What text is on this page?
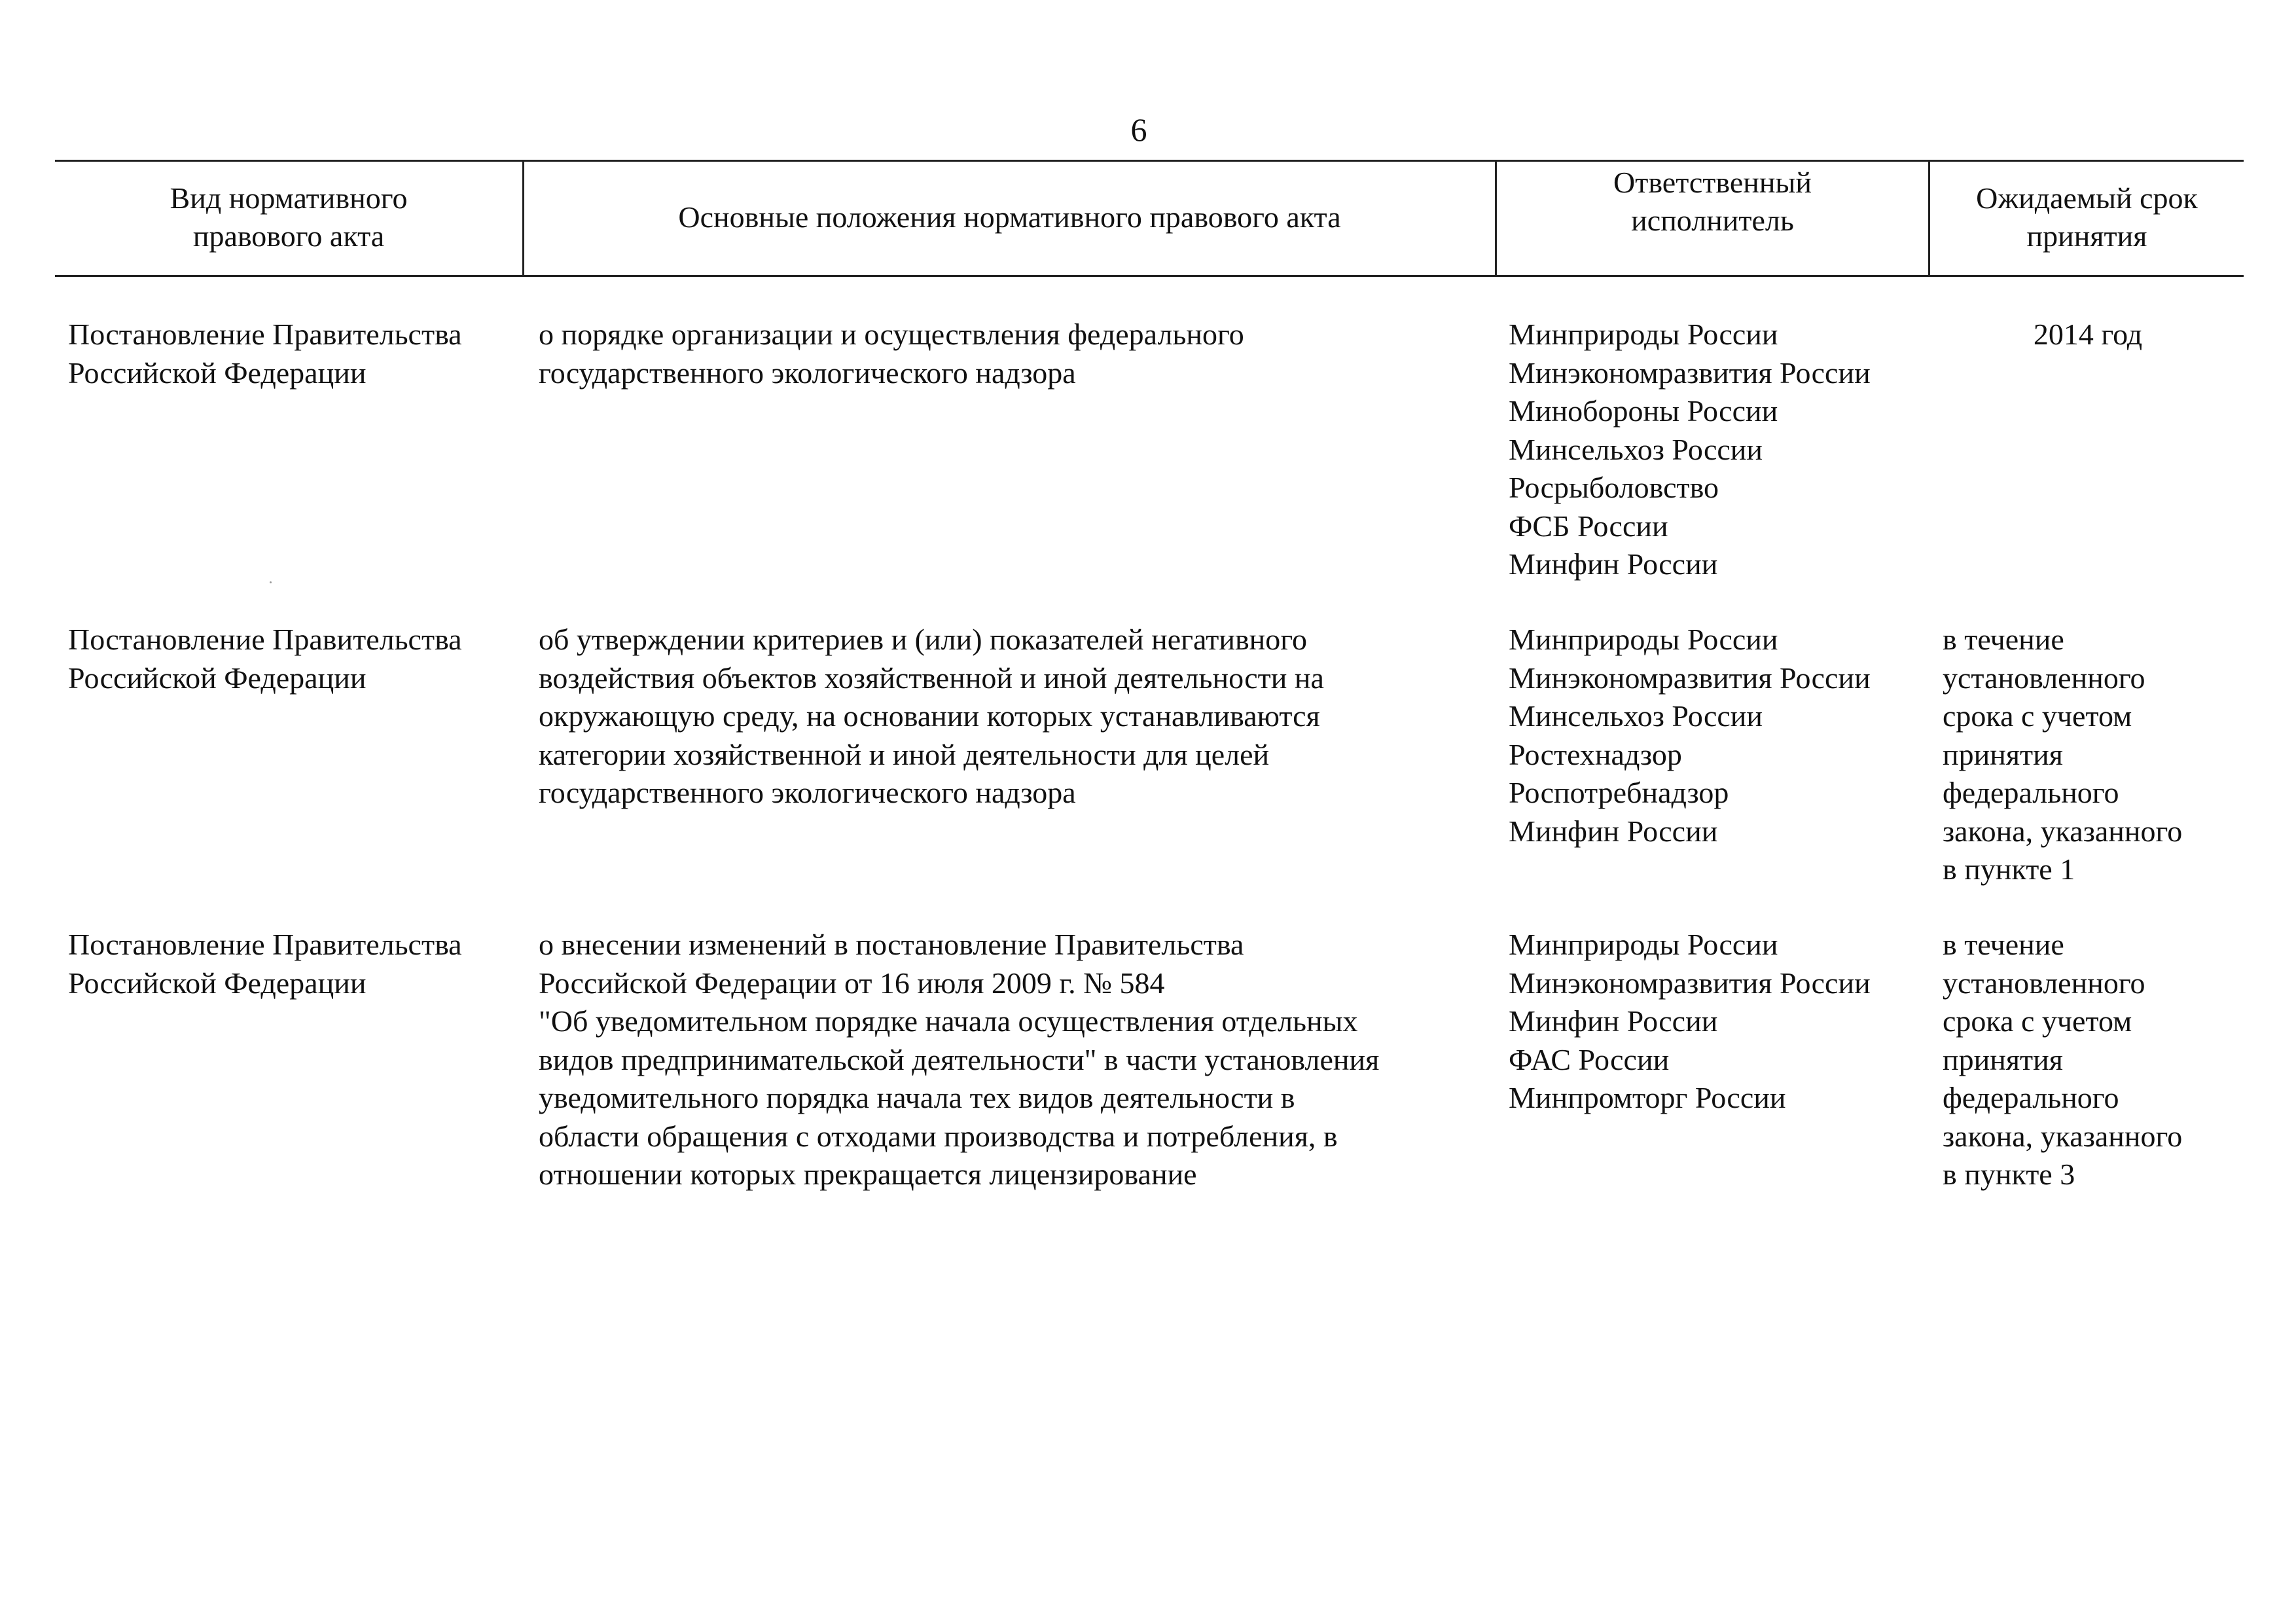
6
Вид нормативного
правового акта
Основные положения нормативного правового акта
Ответственный
исполнитель
Ожидаемый срок
принятия
Постановление Правительства
Российской Федерации
о порядке организации и осуществления федерального
государственного экологического надзора
Минприроды России
Минэкономразвития России
Минобороны России
Минсельхоз России
Росрыболовство
ФСБ России
Минфин России
2014 год
Постановление Правительства
Российской Федерации
об утверждении критериев и (или) показателей негативного
воздействия объектов хозяйственной и иной деятельности на
окружающую среду, на основании которых устанавливаются
категории хозяйственной и иной деятельности для целей
государственного экологического надзора
Минприроды России
Минэкономразвития России
Минсельхоз России
Ростехнадзор
Роспотребнадзор
Минфин России
в течение
установленного
срока с учетом
принятия
федерального
закона, указанного
в пункте 1
Постановление Правительства
Российской Федерации
о внесении изменений в постановление Правительства
Российской Федерации от 16 июля 2009 г. № 584
"Об уведомительном порядке начала осуществления отдельных
видов предпринимательской деятельности" в части установления
уведомительного порядка начала тех видов деятельности в
области обращения с отходами производства и потребления, в
отношении которых прекращается лицензирование
Минприроды России
Минэкономразвития России
Минфин России
ФАС России
Минпромторг России
в течение
установленного
срока с учетом
принятия
федерального
закона, указанного
в пункте 3
